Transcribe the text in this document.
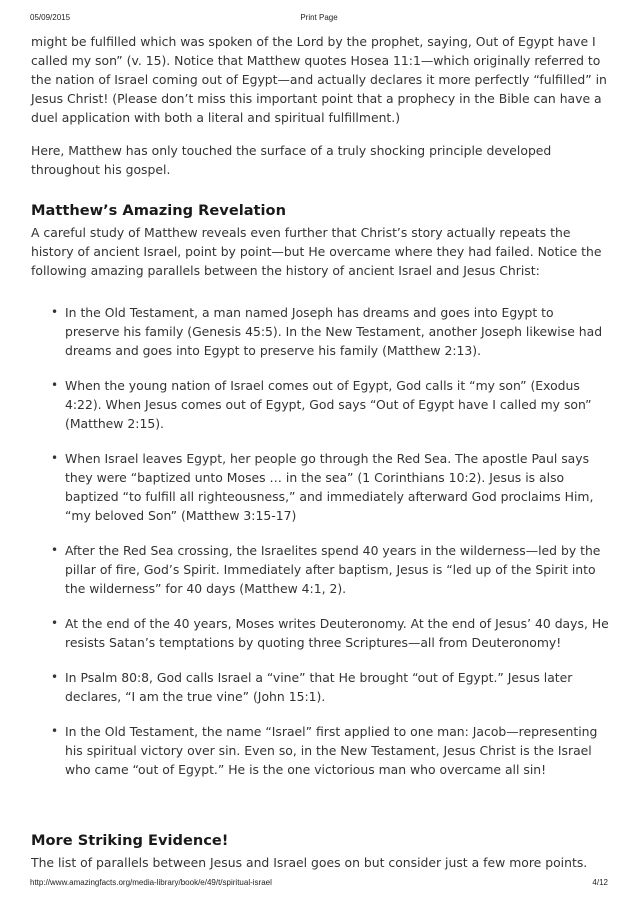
05/09/2015	Print Page

might be fulfilled which was spoken of the Lord by the prophet, saying, Out of Egypt have I called my son” (v. 15). Notice that Matthew quotes Hosea 11:1—which originally referred to the nation of Israel coming out of Egypt—and actually declares it more perfectly “fulfilled” in Jesus Christ! (Please don’t miss this important point that a prophecy in the Bible can have a duel application with both a literal and spiritual fulfillment.)

Here, Matthew has only touched the surface of a truly shocking principle developed throughout his gospel.

Matthew’s Amazing Revelation

A careful study of Matthew reveals even further that Christ’s story actually repeats the history of ancient Israel, point by point—but He overcame where they had failed. Notice the following amazing parallels between the history of ancient Israel and Jesus Christ:

• In the Old Testament, a man named Joseph has dreams and goes into Egypt to preserve his family (Genesis 45:5). In the New Testament, another Joseph likewise had dreams and goes into Egypt to preserve his family (Matthew 2:13).
• When the young nation of Israel comes out of Egypt, God calls it “my son” (Exodus 4:22). When Jesus comes out of Egypt, God says “Out of Egypt have I called my son” (Matthew 2:15).
• When Israel leaves Egypt, her people go through the Red Sea. The apostle Paul says they were “baptized unto Moses … in the sea” (1 Corinthians 10:2). Jesus is also baptized “to fulfill all righteousness,” and immediately afterward God proclaims Him, “my beloved Son” (Matthew 3:15-17)
• After the Red Sea crossing, the Israelites spend 40 years in the wilderness—led by the pillar of fire, God’s Spirit. Immediately after baptism, Jesus is “led up of the Spirit into the wilderness” for 40 days (Matthew 4:1, 2).
• At the end of the 40 years, Moses writes Deuteronomy. At the end of Jesus’ 40 days, He resists Satan’s temptations by quoting three Scriptures—all from Deuteronomy!
• In Psalm 80:8, God calls Israel a “vine” that He brought “out of Egypt.” Jesus later declares, “I am the true vine” (John 15:1).
• In the Old Testament, the name “Israel” first applied to one man: Jacob—representing his spiritual victory over sin. Even so, in the New Testament, Jesus Christ is the Israel who came “out of Egypt.” He is the one victorious man who overcame all sin!
More Striking Evidence!

The list of parallels between Jesus and Israel goes on but consider just a few more points.

http://www.amazingfacts.org/media-library/book/e/49/t/spiritual-israel	4/12
